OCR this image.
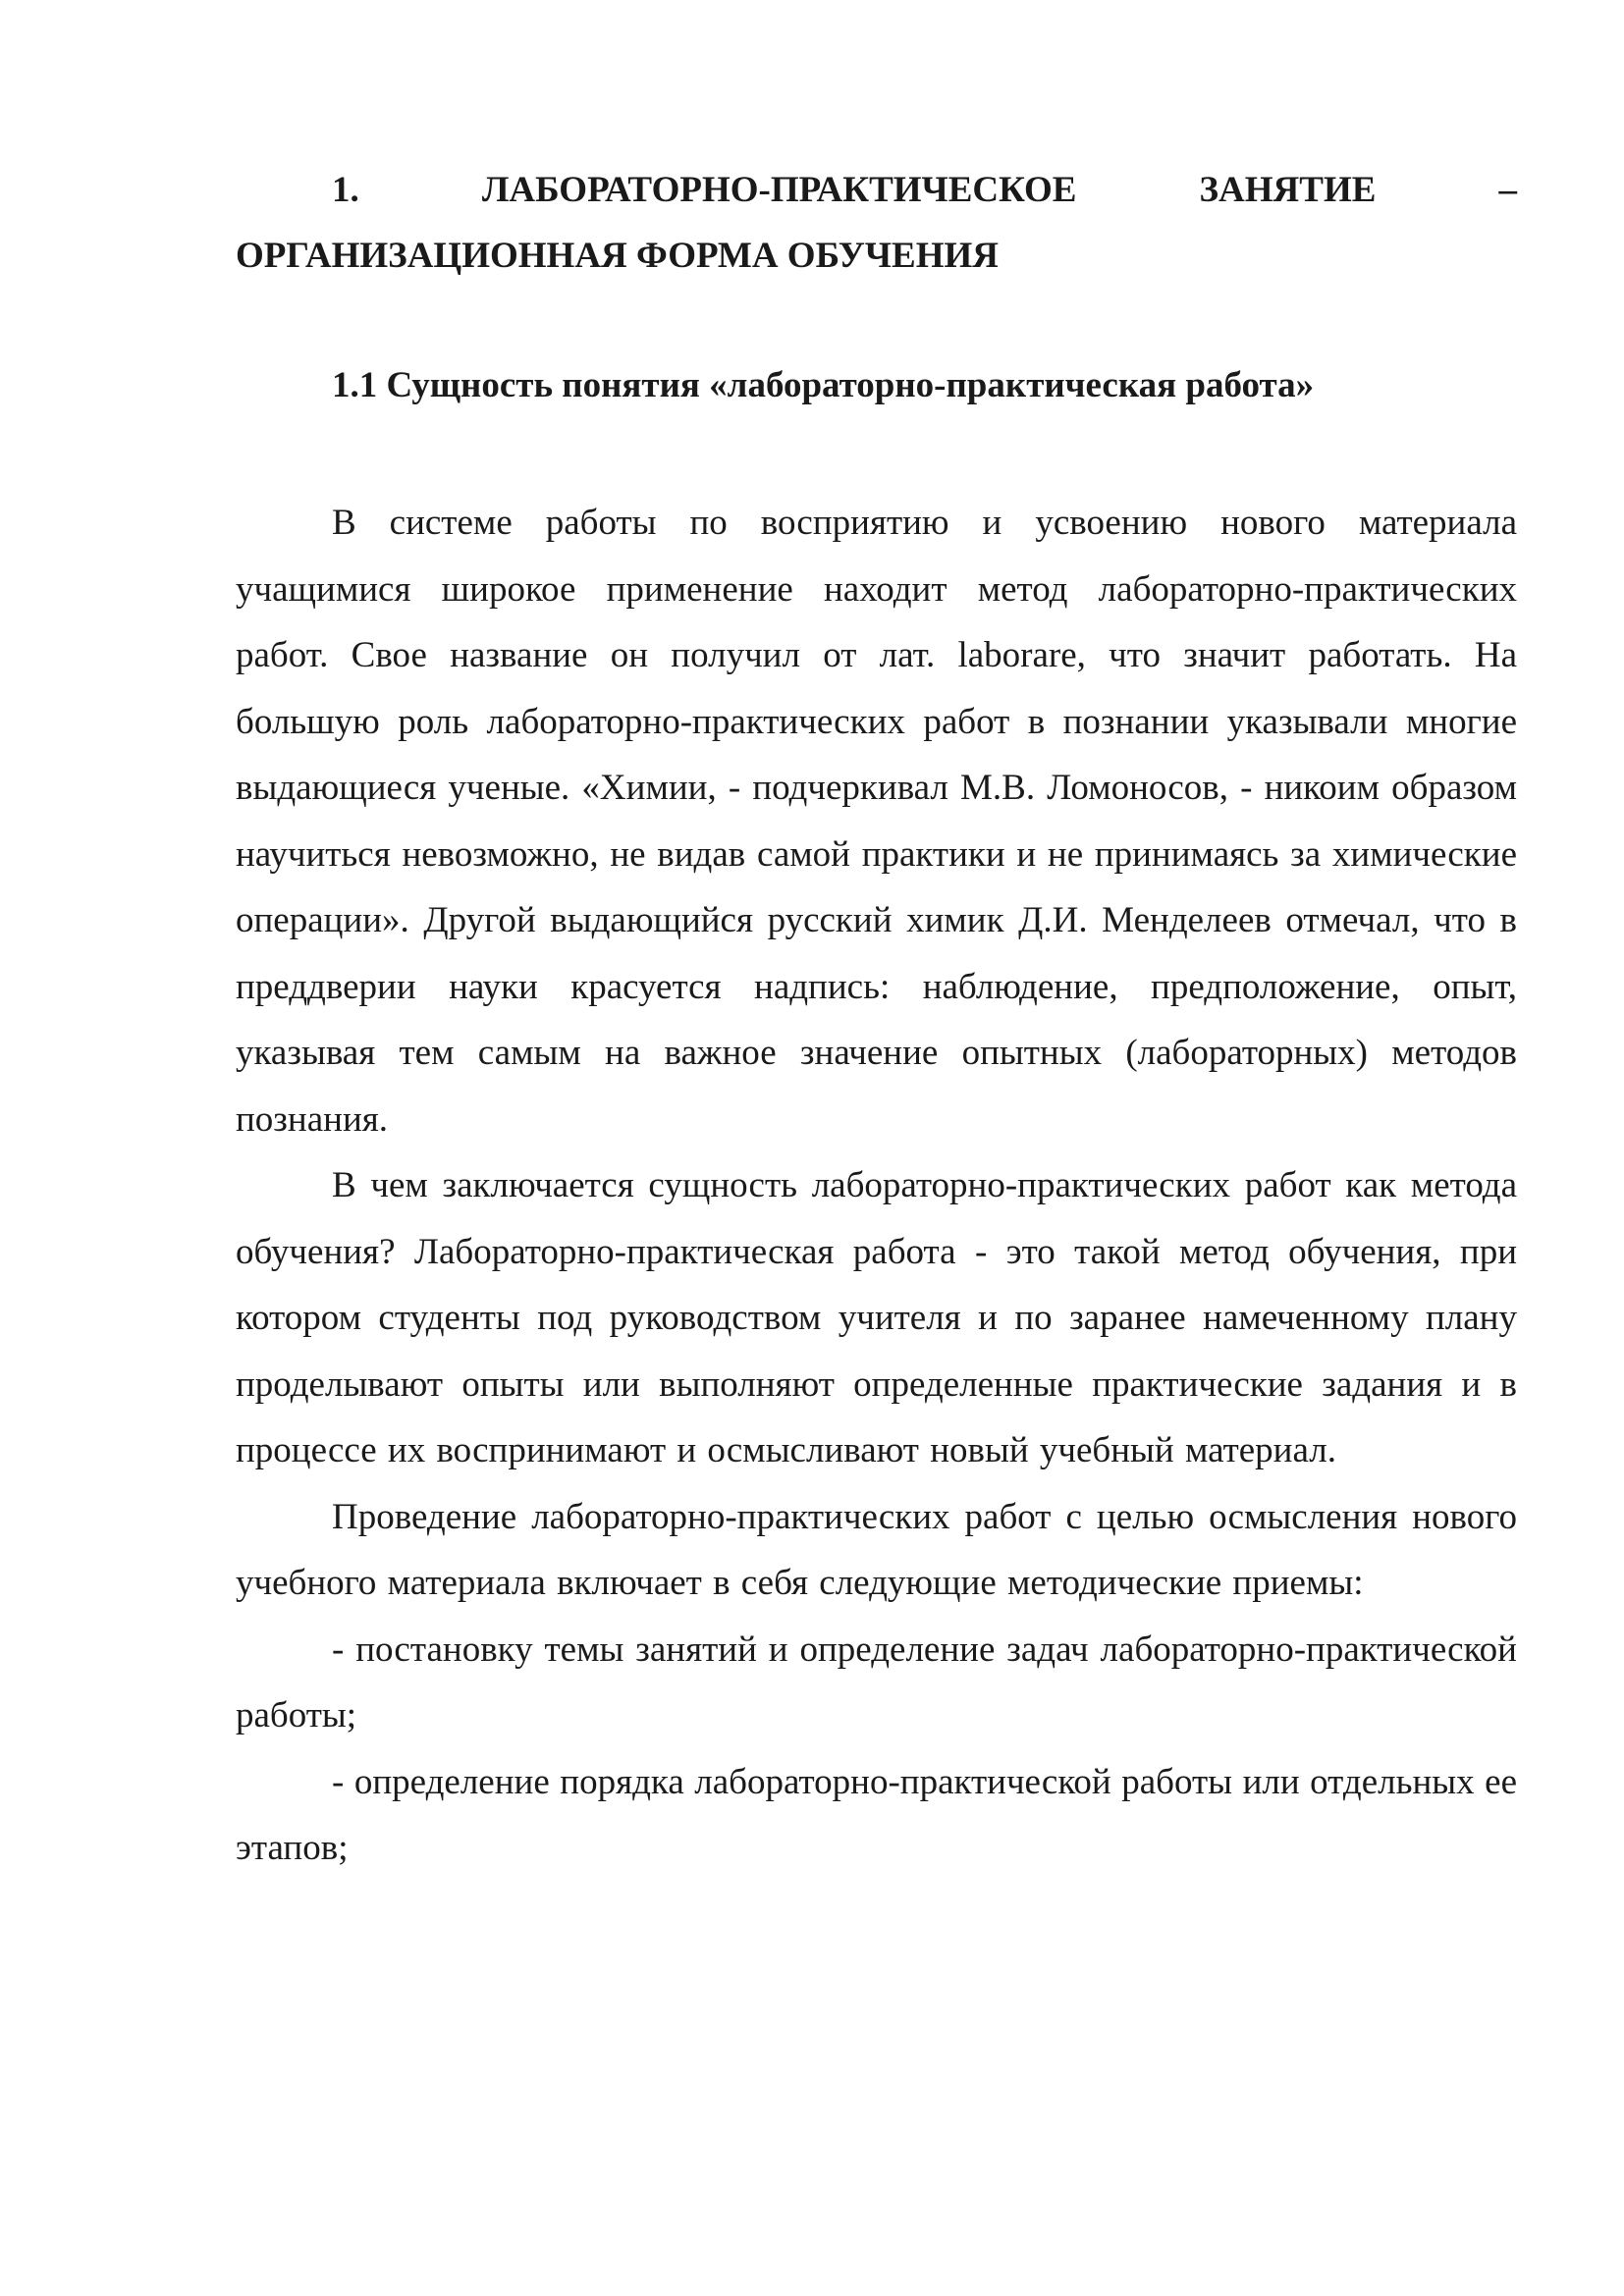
1.	ЛАБОРАТОРНО-ПРАКТИЧЕСКОЕ	ЗАНЯТИЕ	–
ОРГАНИЗАЦИОННАЯ ФОРМА ОБУЧЕНИЯ
1.1 Сущность понятия «лабораторно-практическая работа»

В системе работы по восприятию и усвоению нового материала учащимися широкое применение находит метод лабораторно-практических работ. Свое название он получил от лат. laborare, что значит работать. На большую роль лабораторно-практических работ в познании указывали многие выдающиеся ученые. «Химии, - подчеркивал М.В. Ломоносов, - никоим образом научиться невозможно, не видав самой практики и не принимаясь за химические операции». Другой выдающийся русский химик Д.И. Менделеев отмечал, что в преддверии науки красуется надпись: наблюдение, предположение, опыт, указывая тем самым на важное значение опытных (лабораторных) методов познания.

В чем заключается сущность лабораторно-практических работ как метода обучения? Лабораторно-практическая работа - это такой метод обучения, при котором студенты под руководством учителя и по заранее намеченному плану проделывают опыты или выполняют определенные практические задания и в процессе их воспринимают и осмысливают новый учебный материал.

Проведение лабораторно-практических работ с целью осмысления нового учебного материала включает в себя следующие методические приемы:

- постановку темы занятий и определение задач лабораторно-практической работы;

- определение порядка лабораторно-практической работы или отдельных ее этапов;
